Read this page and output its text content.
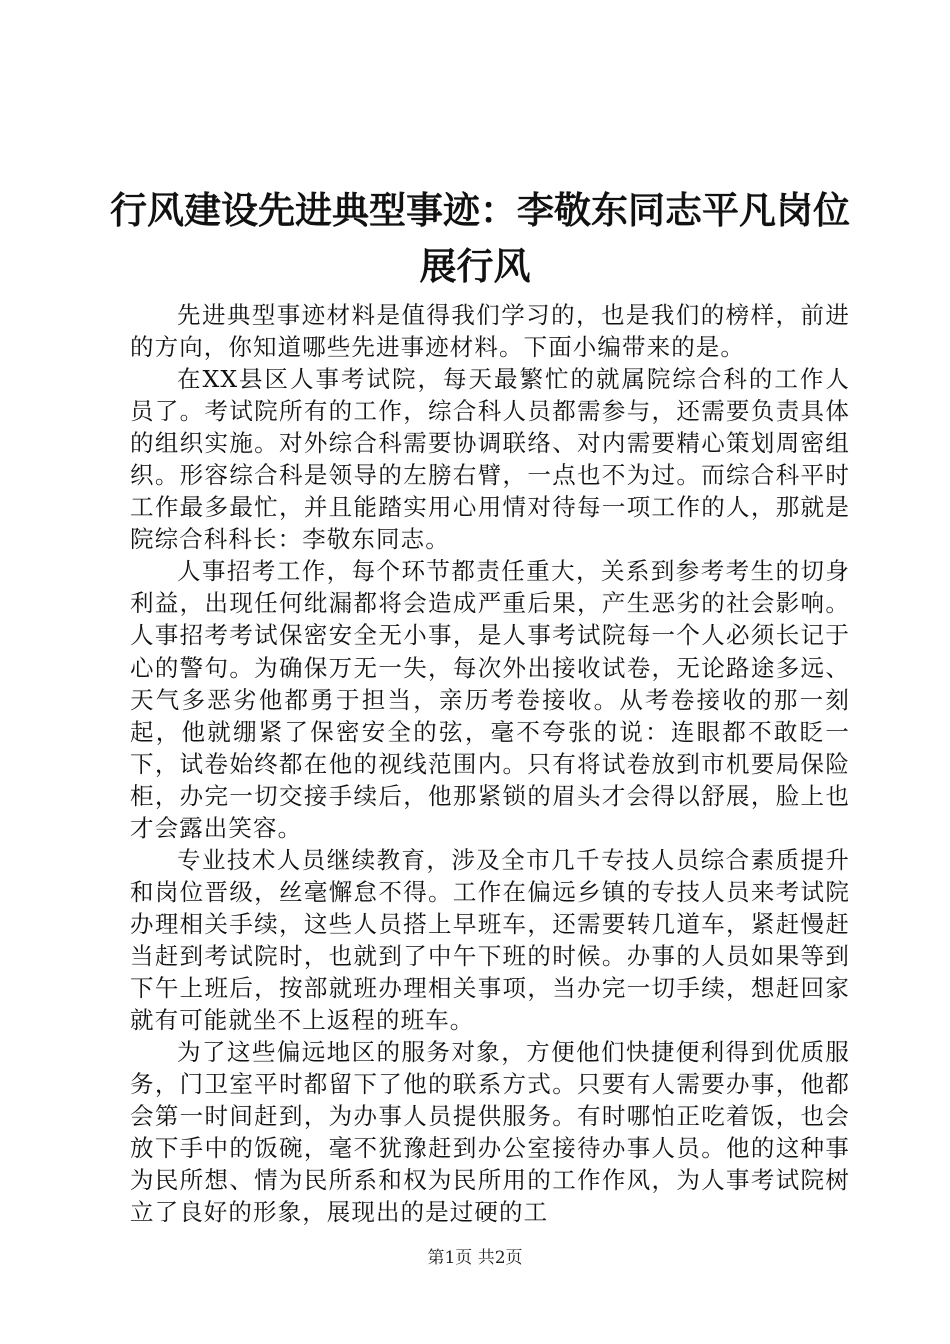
行风建设先进典型事迹：李敬东同志平凡岗位
展行风

先进典型事迹材料是值得我们学习的，也是我们的榜样，前进的方向，你知道哪些先进事迹材料。下面小编带来的是。

在XX县区人事考试院，每天最繁忙的就属院综合科的工作人员了。考试院所有的工作，综合科人员都需参与，还需要负责具体的组织实施。对外综合科需要协调联络、对内需要精心策划周密组织。形容综合科是领导的左膀右臂，一点也不为过。而综合科平时工作最多最忙，并且能踏实用心用情对待每一项工作的人，那就是院综合科科长：李敬东同志。

人事招考工作，每个环节都责任重大，关系到参考考生的切身利益，出现任何纰漏都将会造成严重后果，产生恶劣的社会影响。人事招考考试保密安全无小事，是人事考试院每一个人必须长记于心的警句。为确保万无一失，每次外出接收试卷，无论路途多远、天气多恶劣他都勇于担当，亲历考卷接收。从考卷接收的那一刻起，他就绷紧了保密安全的弦，毫不夸张的说：连眼都不敢眨一下，试卷始终都在他的视线范围内。只有将试卷放到市机要局保险柜，办完一切交接手续后，他那紧锁的眉头才会得以舒展，脸上也才会露出笑容。

专业技术人员继续教育，涉及全市几千专技人员综合素质提升和岗位晋级，丝毫懈怠不得。工作在偏远乡镇的专技人员来考试院办理相关手续，这些人员搭上早班车，还需要转几道车，紧赶慢赶当赶到考试院时，也就到了中午下班的时候。办事的人员如果等到下午上班后，按部就班办理相关事项，当办完一切手续，想赶回家就有可能就坐不上返程的班车。

为了这些偏远地区的服务对象，方便他们快捷便利得到优质服务，门卫室平时都留下了他的联系方式。只要有人需要办事，他都会第一时间赶到，为办事人员提供服务。有时哪怕正吃着饭，也会放下手中的饭碗，毫不犹豫赶到办公室接待办事人员。他的这种事为民所想、情为民所系和权为民所用的工作作风，为人事考试院树立了良好的形象，展现出的是过硬的工

第1页 共2页
